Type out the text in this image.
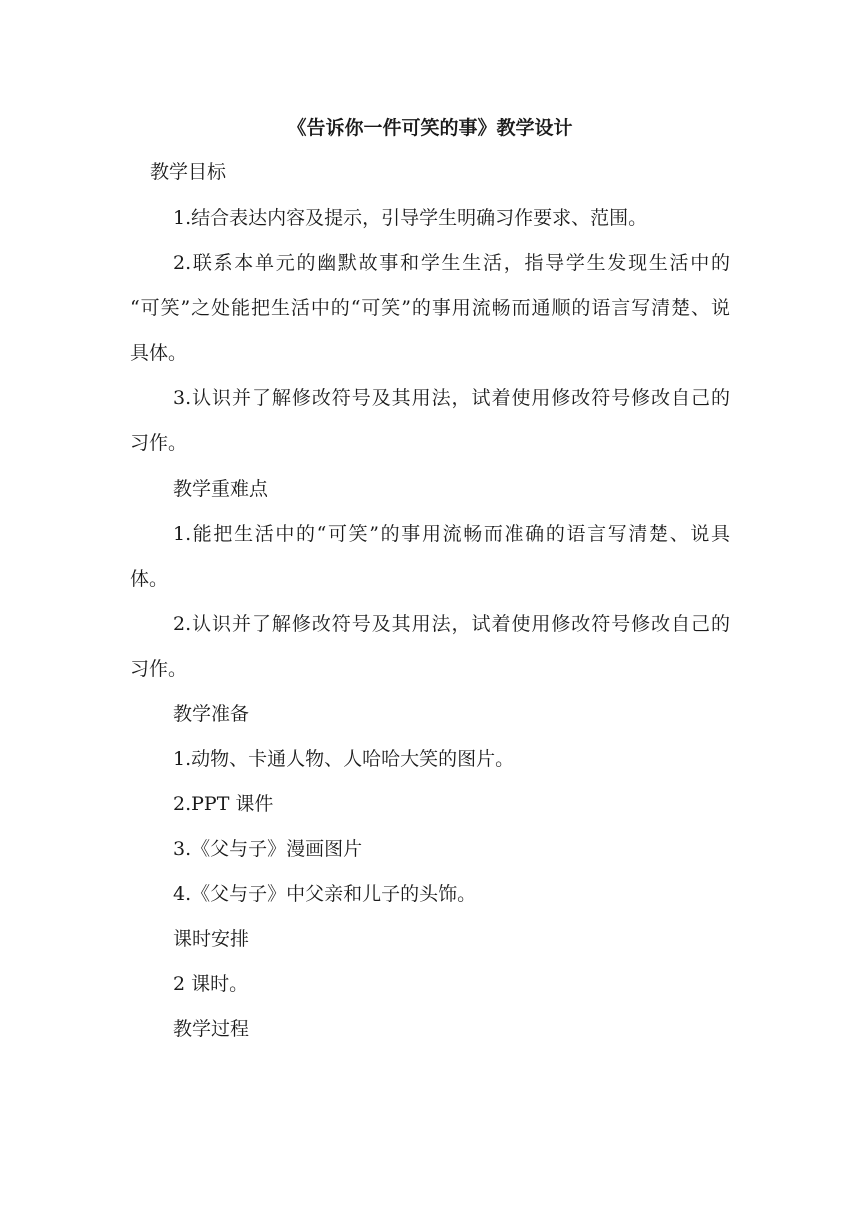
《告诉你一件可笑的事》教学设计
教学目标
1.结合表达内容及提示，引导学生明确习作要求、范围。
2.联系本单元的幽默故事和学生生活，指导学生发现生活中的
“可笑”之处能把生活中的“可笑”的事用流畅而通顺的语言写清楚、说
具体。
3.认识并了解修改符号及其用法，试着使用修改符号修改自己的
习作。
教学重难点
1.能把生活中的“可笑”的事用流畅而准确的语言写清楚、说具
体。
2.认识并了解修改符号及其用法，试着使用修改符号修改自己的
习作。
教学准备
1.动物、卡通人物、人哈哈大笑的图片。
2.PPT 课件
3.《父与子》漫画图片
4.《父与子》中父亲和儿子的头饰。
课时安排
2 课时。
教学过程
